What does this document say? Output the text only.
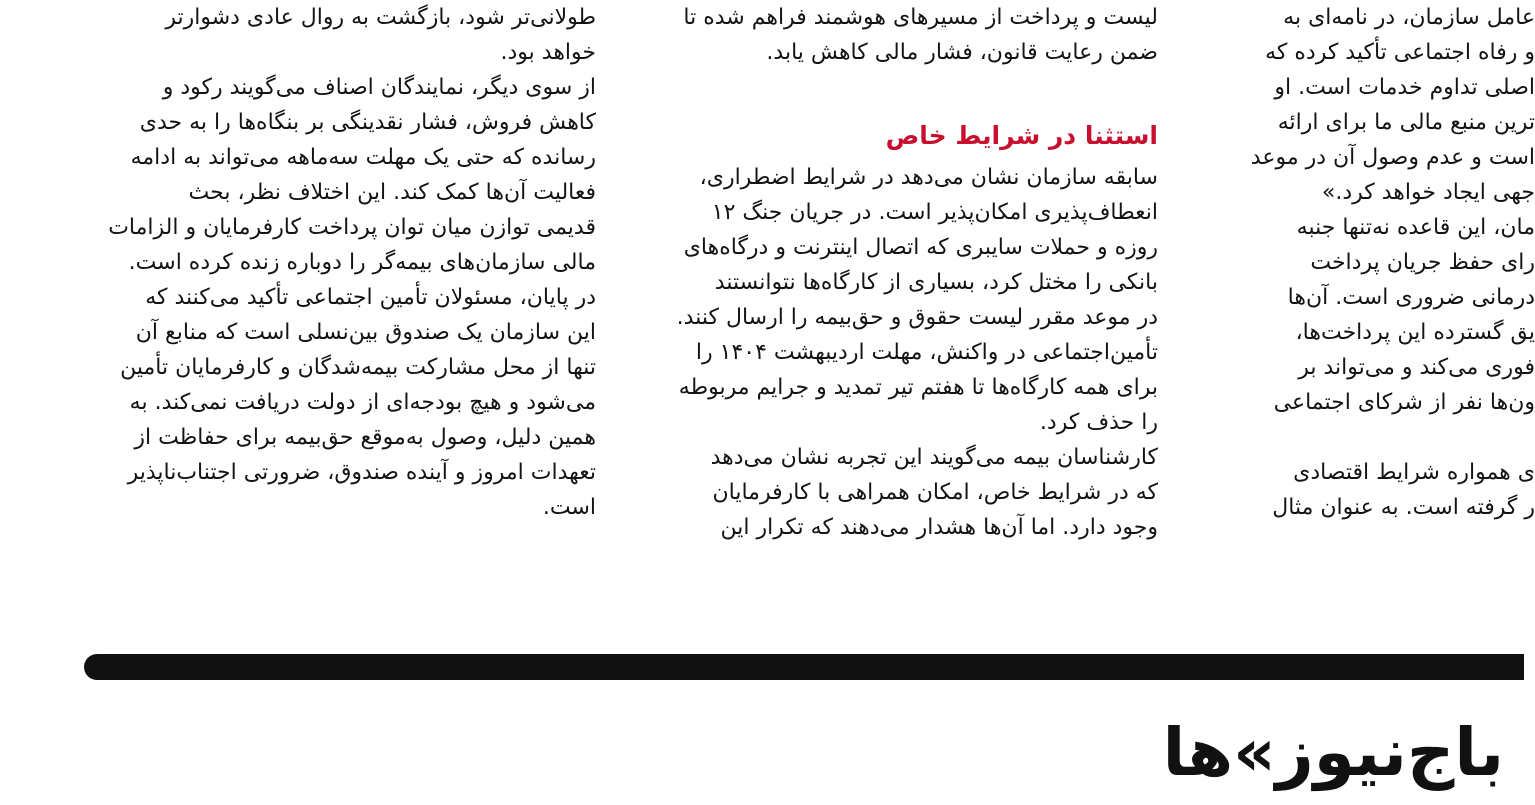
طولانی‌تر شود، بازگشت به روال عادی دشوارتر
خواهد بود.
از سوی دیگر، نمایندگان اصناف می‌گویند رکود و
کاهش فروش، فشار نقدینگی بر بنگاه‌ها را به حدی
رسانده که حتی یک مهلت سه‌ماهه می‌تواند به ادامه
فعالیت آن‌ها کمک کند. این اختلاف نظر، بحث
قدیمی توازن میان توان پرداخت کارفرمایان و الزامات
مالی سازمان‌های بیمه‌گر را دوباره زنده کرده است.
در پایان، مسئولان تأمین اجتماعی تأکید می‌کنند که
این سازمان یک صندوق بین‌نسلی است که منابع آن
تنها از محل مشارکت بیمه‌شدگان و کارفرمایان تأمین
می‌شود و هیچ بودجه‌ای از دولت دریافت نمی‌کند. به
همین دلیل، وصول به‌موقع حق‌بیمه برای حفاظت از
تعهدات امروز و آینده صندوق، ضرورتی اجتناب‌ناپذیر
است.
لیست و پرداخت از مسیرهای هوشمند فراهم شده تا
ضمن رعایت قانون، فشار مالی کاهش یابد.
استثنا در شرایط خاص
سابقه سازمان نشان می‌دهد در شرایط اضطراری،
انعطاف‌پذیری امکان‌پذیر است. در جریان جنگ ۱۲
روزه و حملات سایبری که اتصال اینترنت و درگاه‌های
بانکی را مختل کرد، بسیاری از کارگاه‌ها نتوانستند
در موعد مقرر لیست حقوق و حق‌بیمه را ارسال کنند.
تأمین‌اجتماعی در واکنش، مهلت اردیبهشت ۱۴۰۴ را
برای همه کارگاه‌ها تا هفتم تیر تمدید و جرایم مربوطه
را حذف کرد.
کارشناسان بیمه می‌گویند این تجربه نشان می‌دهد
که در شرایط خاص، امکان همراهی با کارفرمایان
وجود دارد. اما آن‌ها هشدار می‌دهند که تکرار این
عامل سازمان، در نامه‌ای به
و رفاه اجتماعی تأکید کرده که
اصلی تداوم خدمات است. او
ترین منبع مالی ما برای ارائه
است و عدم وصول آن در موعد
جهی ایجاد خواهد کرد.»
مان، این قاعده نه‌تنها جنبه
رای حفظ جریان پرداخت
درمانی ضروری است. آن‌ها
یق گسترده این پرداخت‌ها،
فوری می‌کند و می‌تواند بر
ون‌ها نفر از شرکای اجتماعی

ی همواره شرایط اقتصادی
ر گرفته است. به عنوان مثال
باج‌نیوز»ها
